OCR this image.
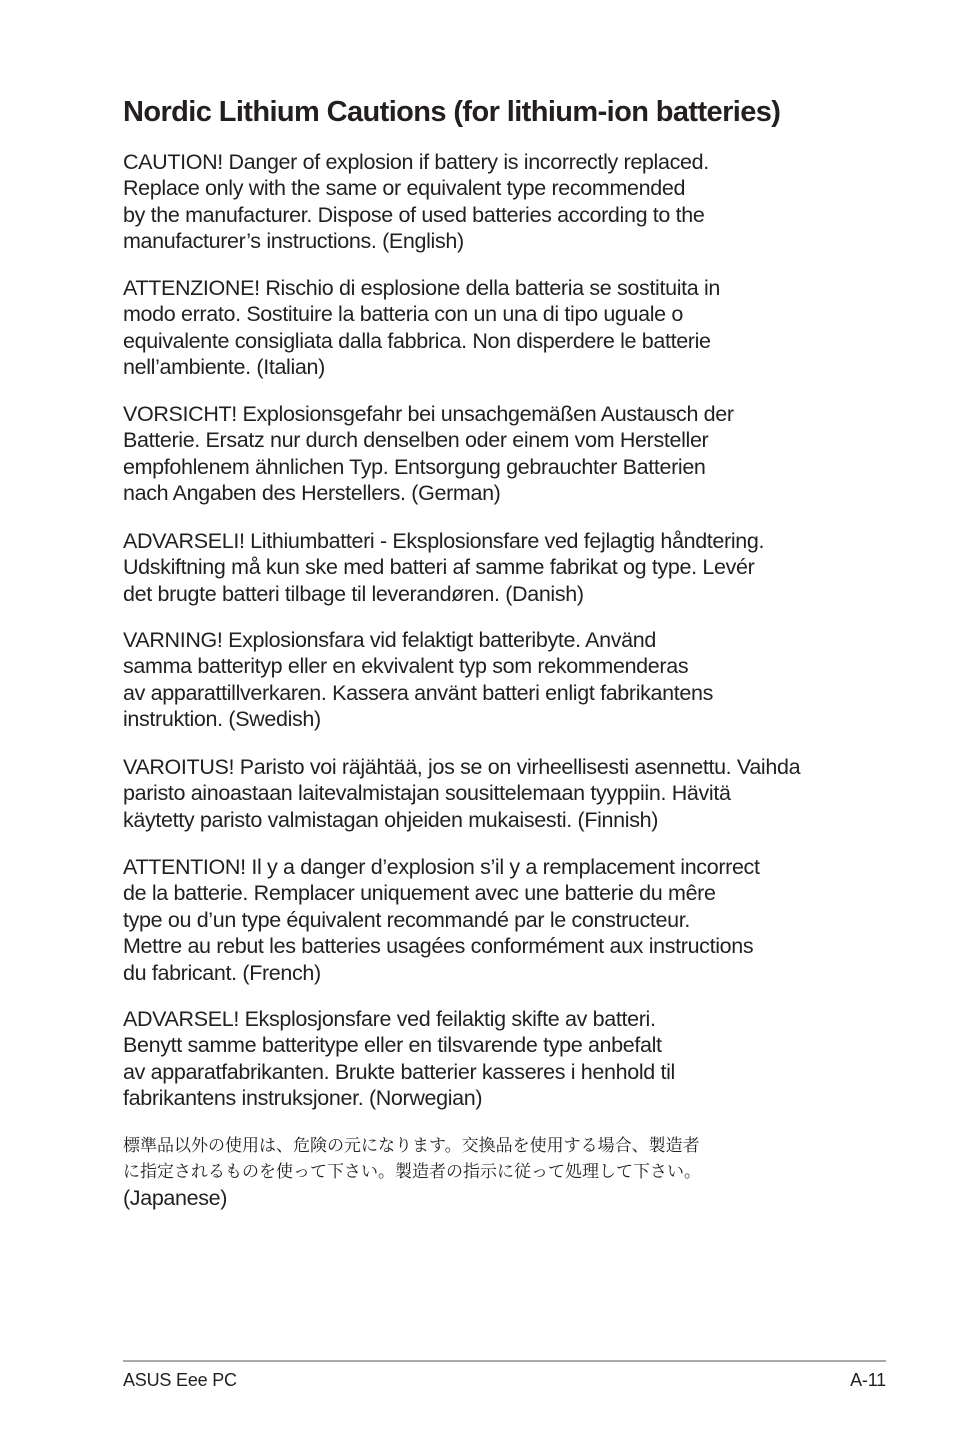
Nordic Lithium Cautions (for lithium-ion batteries)
CAUTION! Danger of explosion if battery is incorrectly replaced.
Replace only with the same or equivalent type recommended
by the manufacturer. Dispose of used batteries according to the
manufacturer’s instructions. (English)
ATTENZIONE! Rischio di esplosione della batteria se sostituita in
modo errato. Sostituire la batteria con un una di tipo uguale o
equivalente consigliata dalla fabbrica. Non disperdere le batterie
nell’ambiente. (Italian)
VORSICHT! Explosionsgefahr bei unsachgemäßen Austausch der
Batterie. Ersatz nur durch denselben oder einem vom Hersteller
empfohlenem ähnlichen Typ. Entsorgung gebrauchter Batterien
nach Angaben des Herstellers. (German)
ADVARSELI! Lithiumbatteri - Eksplosionsfare ved fejlagtig håndtering.
Udskiftning må kun ske med batteri af samme fabrikat og type. Levér
det brugte batteri tilbage til leverandøren. (Danish)
VARNING! Explosionsfara vid felaktigt batteribyte. Använd
samma batterityp eller en ekvivalent typ som rekommenderas
av apparattillverkaren. Kassera använt batteri enligt fabrikantens
instruktion. (Swedish)
VAROITUS! Paristo voi räjähtää, jos se on virheellisesti asennettu. Vaihda
paristo ainoastaan laitevalmistajan sousittelemaan tyyppiin. Hävitä
käytetty paristo valmistagan ohjeiden mukaisesti. (Finnish)
ATTENTION! Il y a danger d’explosion s’il y a remplacement incorrect
de la batterie. Remplacer uniquement avec une batterie du mêre
type ou d’un type équivalent recommandé par le constructeur.
Mettre au rebut les batteries usagées conformément aux instructions
du fabricant. (French)
ADVARSEL! Eksplosjonsfare ved feilaktig skifte av batteri.
Benytt samme batteritype eller en tilsvarende type anbefalt
av apparatfabrikanten. Brukte batterier kasseres i henhold til
fabrikantens instruksjoner. (Norwegian)
標準品以外の使用は、危険の元になります。交換品を使用する場合、製造者
に指定されるものを使って下さい。製造者の指示に従って処理して下さい。
(Japanese)
ASUS Eee PC	A-11
